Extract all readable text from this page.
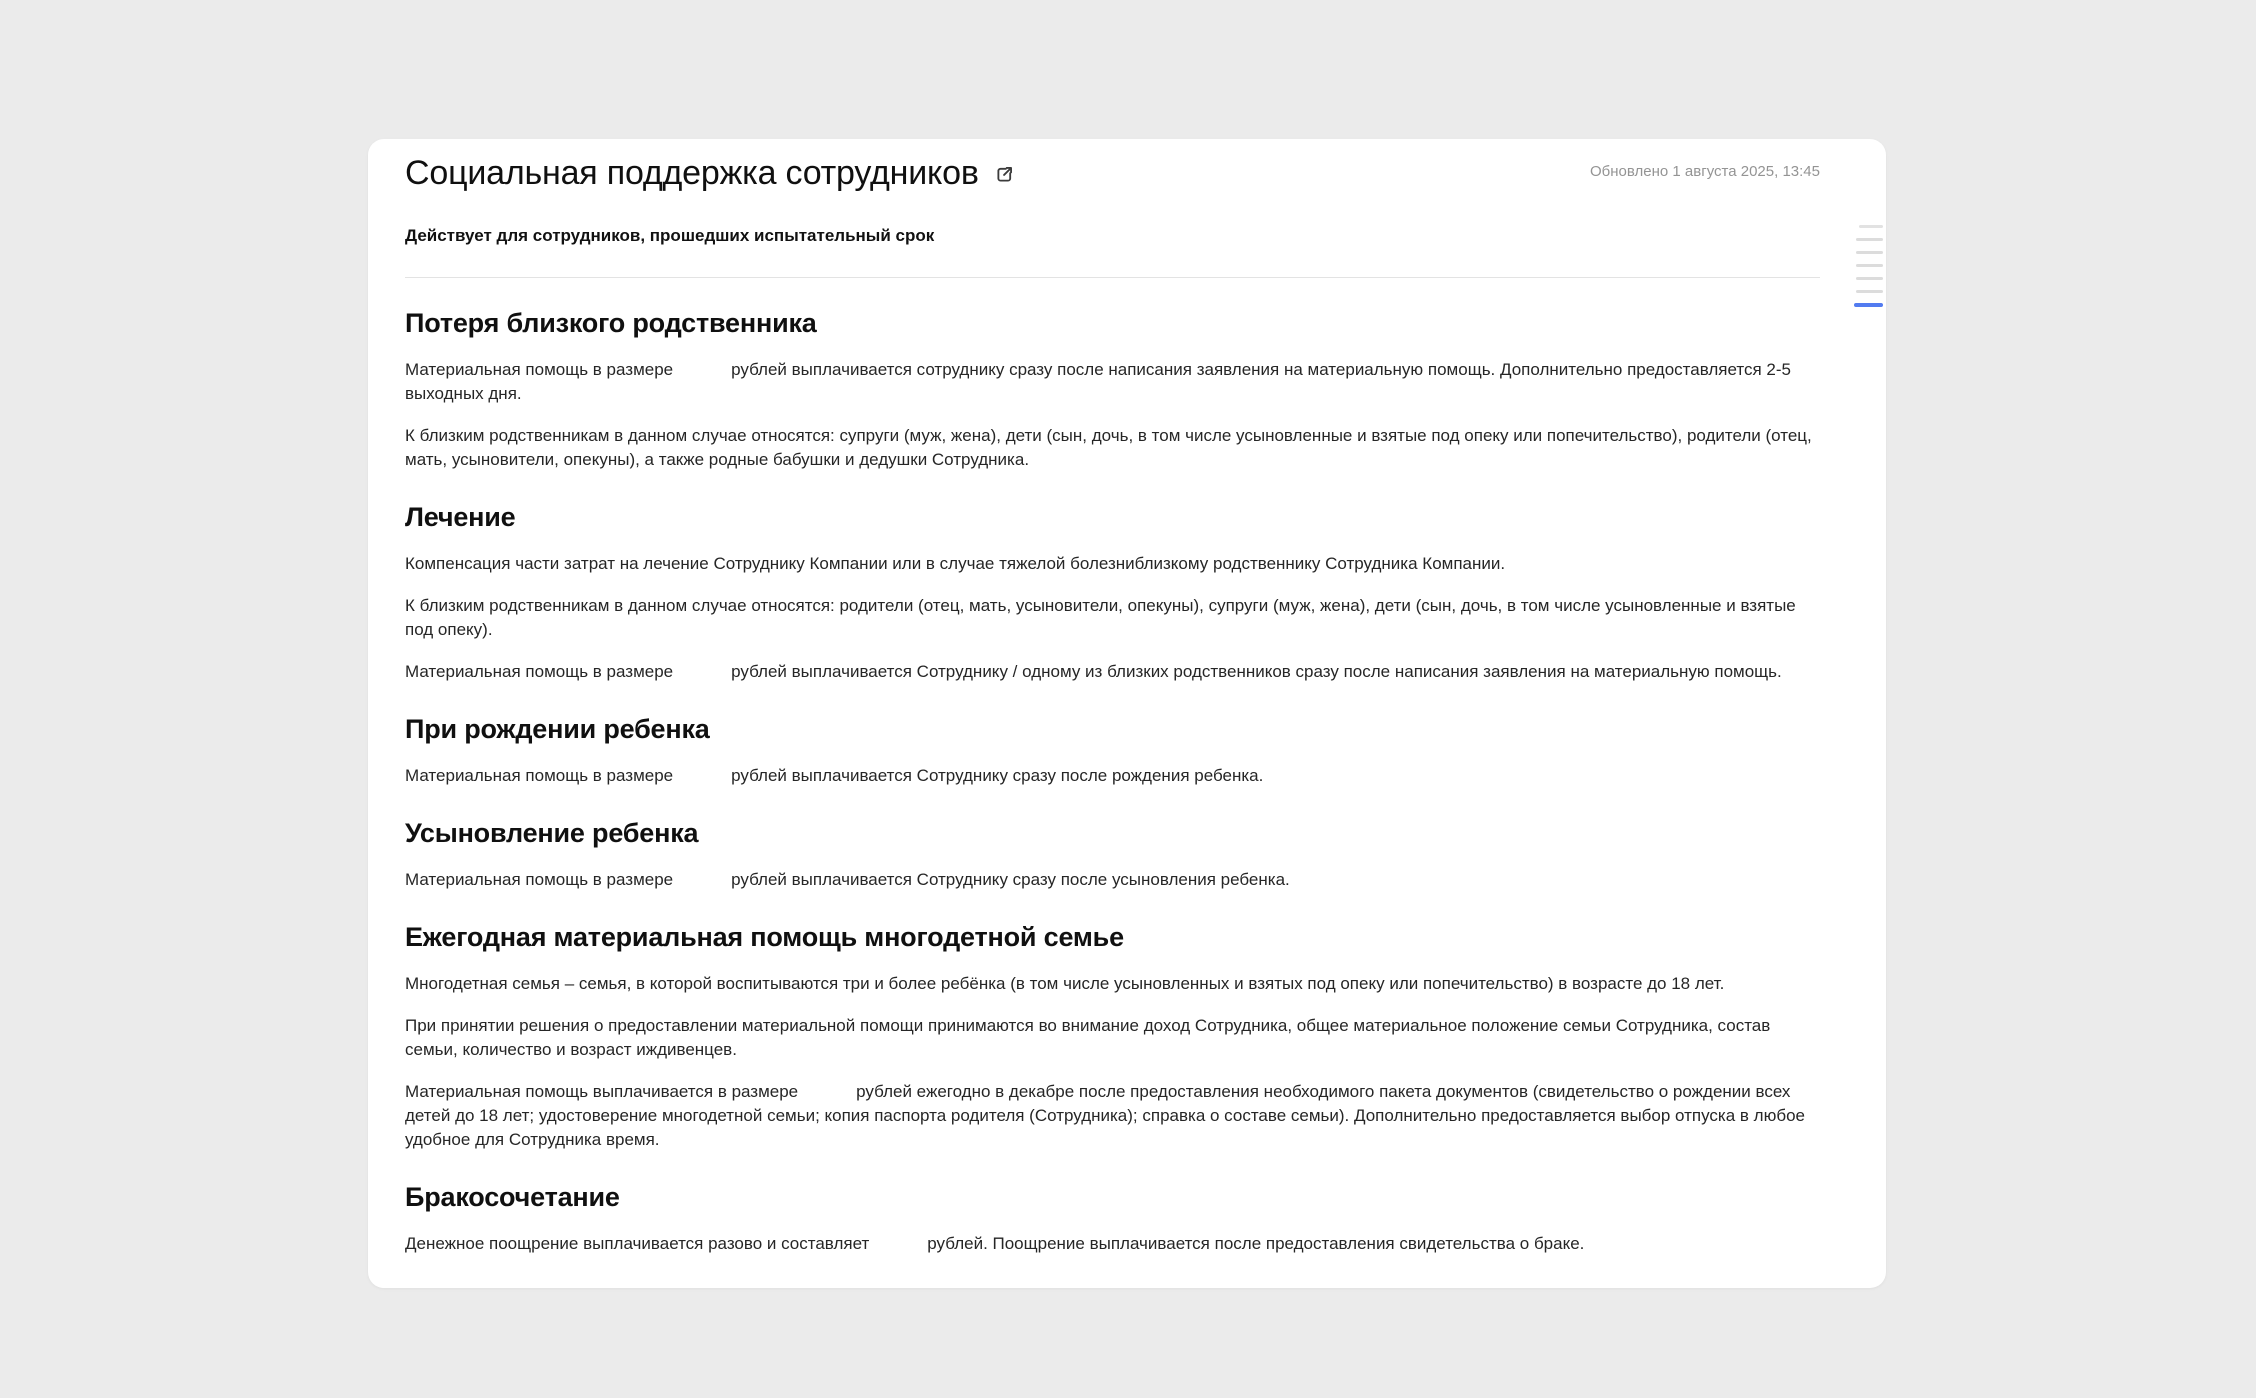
Социальная поддержка сотрудников	Обновлено 1 августа 2025, 13:45
Действует для сотрудников, прошедших испытательный срок
Потеря близкого родственника

Материальная помощь в размере	рублей выплачивается сотруднику сразу после написания заявления на материальную помощь. Дополнительно предоставляется 2-5 выходных дня.

К близким родственникам в данном случае относятся: супруги (муж, жена), дети (сын, дочь, в том числе усыновленные и взятые под опеку или попечительство), родители (отец, мать, усыновители, опекуны), а также родные бабушки и дедушки Сотрудника.

Лечение

Компенсация части затрат на лечение Сотруднику Компании или в случае тяжелой болезниблизкому родственнику Сотрудника Компании.

К близким родственникам в данном случае относятся: родители (отец, мать, усыновители, опекуны), супруги (муж, жена), дети (сын, дочь, в том числе усыновленные и взятые под опеку).

Материальная помощь в размере	рублей выплачивается Сотруднику / одному из близких родственников сразу после написания заявления на материальную помощь.

При рождении ребенка

Материальная помощь в размере	рублей выплачивается Сотруднику сразу после рождения ребенка.

Усыновление ребенка

Материальная помощь в размере	рублей выплачивается Сотруднику сразу после усыновления ребенка.

Ежегодная материальная помощь многодетной семье

Многодетная семья – семья, в которой воспитываются три и более ребёнка (в том числе усыновленных и взятых под опеку или попечительство) в возрасте до 18 лет.

При принятии решения о предоставлении материальной помощи принимаются во внимание доход Сотрудника, общее материальное положение семьи Сотрудника, состав семьи, количество и возраст иждивенцев.

Материальная помощь выплачивается в размере	рублей ежегодно в декабре после предоставления необходимого пакета документов (свидетельство о рождении всех детей до 18 лет; удостоверение многодетной семьи; копия паспорта родителя (Сотрудника); справка о составе семьи). Дополнительно предоставляется выбор отпуска в любое удобное для Сотрудника время.

Бракосочетание

Денежное поощрение выплачивается разово и составляет	рублей. Поощрение выплачивается после предоставления свидетельства о браке.
